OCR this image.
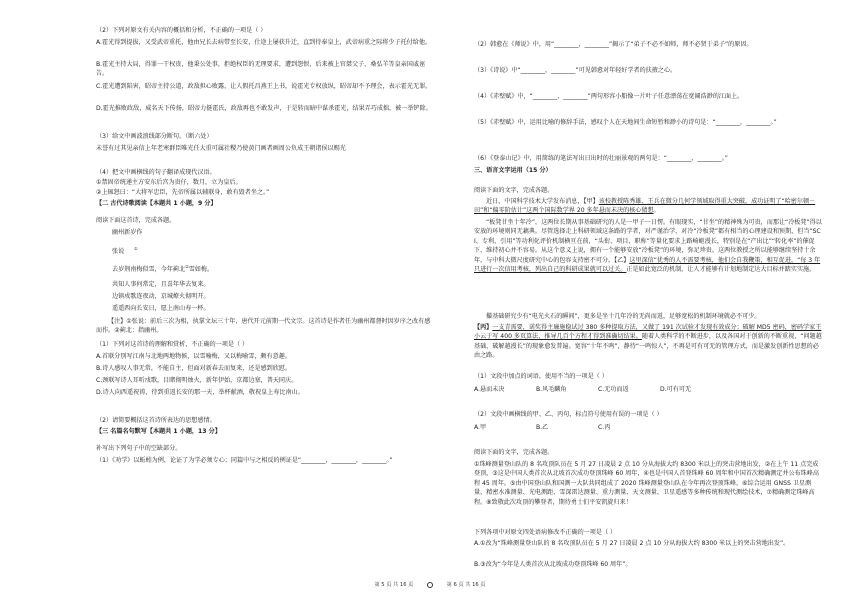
（2）下列对原文有关内容的概括和分析，不正确的一项是（ ）
A.霍光得到提拔，又受武帝重托，他由兄长去病带至长安，仕途上屡获升迁，直到待奉皇上，武帝病重之际将少子托付给他。
B.霍光主持大局，得罪一干权贵，他秉公处事，拒绝权臣的无理要求，遭到怨恨，后来被上官桀父子、桑弘羊等皇亲国戚诬告。
C.霍光遭到陷害，昭帝主持公道，政敌担心败露，让人假托昌燕王上书，说霍光专权放纵，昭帝却不予理会，表示霍光无罪。
D.霍光推败政敌，威名天下传扬，昭帝力挺霍氏，政敌再也不敢发声，于是转而暗中谋杀霍光，结果弄巧成拙，被一举铲除。
（3）给文中画波浪线部分断句。（断六处）
未誉有过其见亲信上年老寒群臣唯光任大重可属社稷乃使黄门画者画周公负成王朝诸侯以赐光
（4）把文中画横线的句子翻译成现代汉语。
①禁固帝统递主方安东后宫为贵仔，数月，立为皇后。
②上辄怒曰：“大将军忠臣，先帝所属以辅联身，敢有毁者坐之。”
【二 古代诗歌阅读【本题共 1 小题，9 分】
阅读下面这首诗，完成各题。
幽州新岁作
张说 ①
去岁荆南梅似雪，今年蓟北②雪如梅。
共知人事何常定，且喜年华去复来。
边镇戍歌连夜动，京城燎火彻明开。
遥遥西向长安日，愿上南山寿一杯。
【注】①张说：前后三次为相，执掌文坛三十年，唐代开元前期一代文宗。这首诗是作者任为幽州都督时因岁序之改有感而作。②蓟北：指幽州。
（1）下列对这首诗的理解和赏析，不正确的一项是（ ）
A.首联分别写江南与北地两地物候，以雪喻梅，又以梅喻雪，颇有意趣。
B.诗人感叹人事无常，不能自主，但面对新春去而复来，还是感到欣慰。
C.颈联写诗人耳听戍歌，目睹彻明烛火，新年伊始，京都边塞，普天同庆。
D.诗人向西遥祝祷，待到重返长安的那一天，举杯献酒，敬祝皇上寿比南山。
（2）请简要概括这首诗所表达的思想感情。
【三 名篇名句默写【本题共 1 小题，13 分】
补写出下列句子中的空缺部分。
（1）《劝学》以蚯蚓为例，论证了为学必须专心；同篇中与之相反的例证是“________，________，________。”
（2）韩愈在《师说》中，用“________，________”揭示了“弟子不必不如师，师不必贤于弟子”的原因。
（3）《诗说》中“________，________”可见韩愈对年轻好学者的扶掖之心。
（4）《赤壁赋》中，“________，________”两句形容小船像一片叶子任意漂荡在宽阔浩渺的江面上。
（5）《赤壁赋》中，运用比喻的修辞手法，感叹个人在天地间生命短暂和渺小的诗句是：“________，________。”
（6）《登泰山记》中，用简练的笔法写出日出时的壮丽景观的两句是：“________，________。”
三、语言文字运用（15 分）
阅读下面的文字，完成各题。
近日，中国科学技术大学发布消息，【甲】该校教授陈秀雄、王兵在微分几何学领域取得重大突破，成功证明了“哈密尔顿－田”和“偏零阶估计”这两个国际数学界 20 多年悬而未决的核心猜想。
“板凳甘坐十年冷”，这两位长期从事基础研究的人是一甲子一日愣。有眼现实，“甘坐”的精神殊为可贵，而那让“冷板凳”得以安放的环境则同无藕典。尽管选择走上科研领域这条路的学者，对严谨治学、对冷“冷板凳”都有相当的心理建设和预期，但当“SCI、专利、引用”等功利化评价机制横亘在前，“头衔、项目、职称”等量化要求上路崎岖漫长，特别是在“产出比”“转化率”的催促下，维持初心并不容易。从这个意义上说，拥有一个能够安放“冷板凳”的环境，弥足珍贵。这两位教授之所以能够继续坚持十余年，与中科大微尺度研究中心的包容支持密不可分。【乙】这里深信“优秀的人不需要考核，他们会自我鞭策，相互促进，“每 3 年只进行一次信用考核，列出自己的科研成果就可以过关。正是如此宽泛的机制，让人才能够有计划地制定达大目标并踏实实施。
攥基础研究少有“电光火石的瞬间”，更多是坐十几年冷的无尚而返，足够宽松的机制环境就必不可少。
【丙】一支青需要，诺奖得主廉施稳试过 380 多种提取方法，又做了 191 次试验才发现有效成分；破解 MD5 密码，密码学家王小云于写 400 多页算法，推导几百个方程才得到准确切结果。随着人类科学的不断进步，以及各国对于创新的不断重视，“问题越基础，破解越漫长”的现象愈发普遍。宽容“十年不鸣”，静待“一鸣惊人”，不再是可有可无的管理方式，而是激发创新性思想的必由之路。
（1）文段中加点的词语，使用不当的一项是（ ）
A.悬而未决	B.风毛麟角	C.无功而返	D.可有可无
（2）文段中画横线的甲、乙、丙句，标点符号使用有误的一项是（ ）
A.甲	B.乙	C.丙
阅读下面的文字，完成各题。
①珠峰测量登山队的 8 名攻顶队员在 5 月 27 日凌晨 2 点 10 分从海拔大约 8300 米以上的突击营地出发，②在上午 11 点完成登顶，③这是中国人类首次从北坡首次成功登顶珠峰 60 周年，④也是中国人首登珠峰 60 周年和中国首次精确测定并公布珠峰高程 45 周年。⑤由中国登山队和国测一大队共同组成了 2020 珠峰测量登山队在今年再次登顶珠峰，⑥综合运用 GNSS 卫星测量，精密水准测量、光电测距、雪深雷达测量、重力测量、天文测量、卫星遥感等多种传统和现代测绘技术，⑦精确测定珠峰高程。⑧致敬此次攻顶的攀登者，期待勇士们平安凯旋归来！
下列各项中对原文四处语病修改不正确的一项是（ ）
A.①改为“珠峰测量登山队的 8 名攻顶队员在 5 月 27 日凌晨 2 点 10 分从海拔大约 8300 米以上的突击营地出发”。
B.③改为“今年是人类首次从北坡成功登顶珠峰 60 周年”。
第 5 页 共 16 页	第 6 页 共 16 页
